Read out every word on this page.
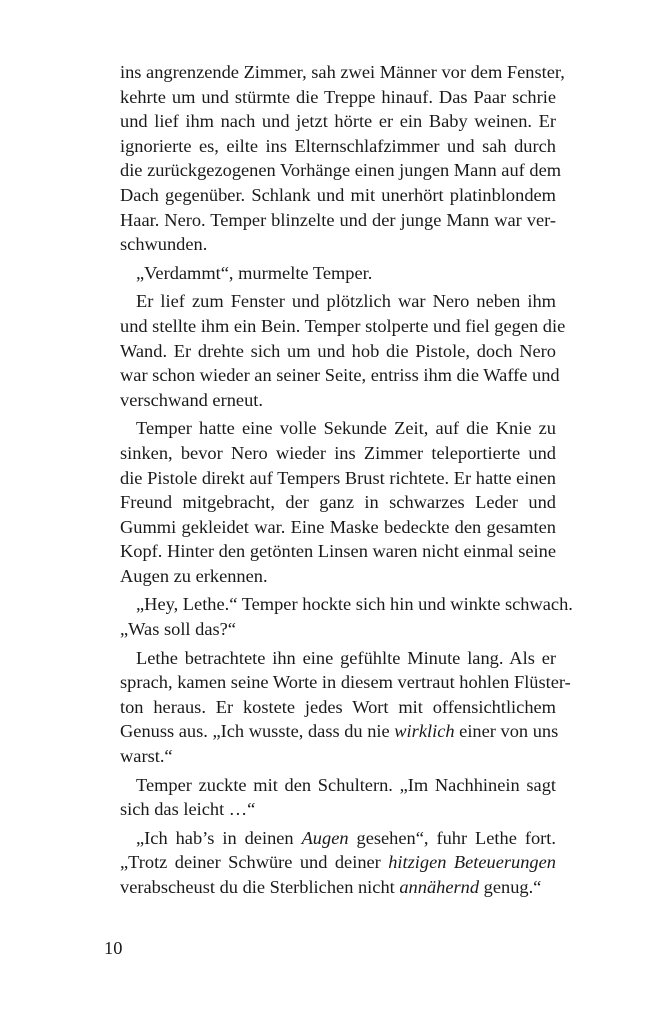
ins angrenzende Zimmer, sah zwei Männer vor dem Fenster,
kehrte um und stürmte die Treppe hinauf. Das Paar schrie
und lief ihm nach und jetzt hörte er ein Baby weinen. Er
ignorierte es, eilte ins Elternschlafzimmer und sah durch
die zurückgezogenen Vorhänge einen jungen Mann auf dem
Dach gegenüber. Schlank und mit unerhört platinblondem
Haar. Nero. Temper blinzelte und der junge Mann war ver-
schwunden.
„Verdammt“, murmelte Temper.
Er lief zum Fenster und plötzlich war Nero neben ihm
und stellte ihm ein Bein. Temper stolperte und fiel gegen die
Wand. Er drehte sich um und hob die Pistole, doch Nero
war schon wieder an seiner Seite, entriss ihm die Waffe und
verschwand erneut.
Temper hatte eine volle Sekunde Zeit, auf die Knie zu
sinken, bevor Nero wieder ins Zimmer teleportierte und
die Pistole direkt auf Tempers Brust richtete. Er hatte einen
Freund mitgebracht, der ganz in schwarzes Leder und
Gummi gekleidet war. Eine Maske bedeckte den gesamten
Kopf. Hinter den getönten Linsen waren nicht einmal seine
Augen zu erkennen.
„Hey, Lethe.“ Temper hockte sich hin und winkte schwach.
„Was soll das?“
Lethe betrachtete ihn eine gefühlte Minute lang. Als er
sprach, kamen seine Worte in diesem vertraut hohlen Flüster-
ton heraus. Er kostete jedes Wort mit offensichtlichem
Genuss aus. „Ich wusste, dass du nie wirklich einer von uns
warst.“
Temper zuckte mit den Schultern. „Im Nachhinein sagt
sich das leicht …“
„Ich hab’s in deinen Augen gesehen“, fuhr Lethe fort.
„Trotz deiner Schwüre und deiner hitzigen Beteuerungen
verabscheust du die Sterblichen nicht annähernd genug.“
10
